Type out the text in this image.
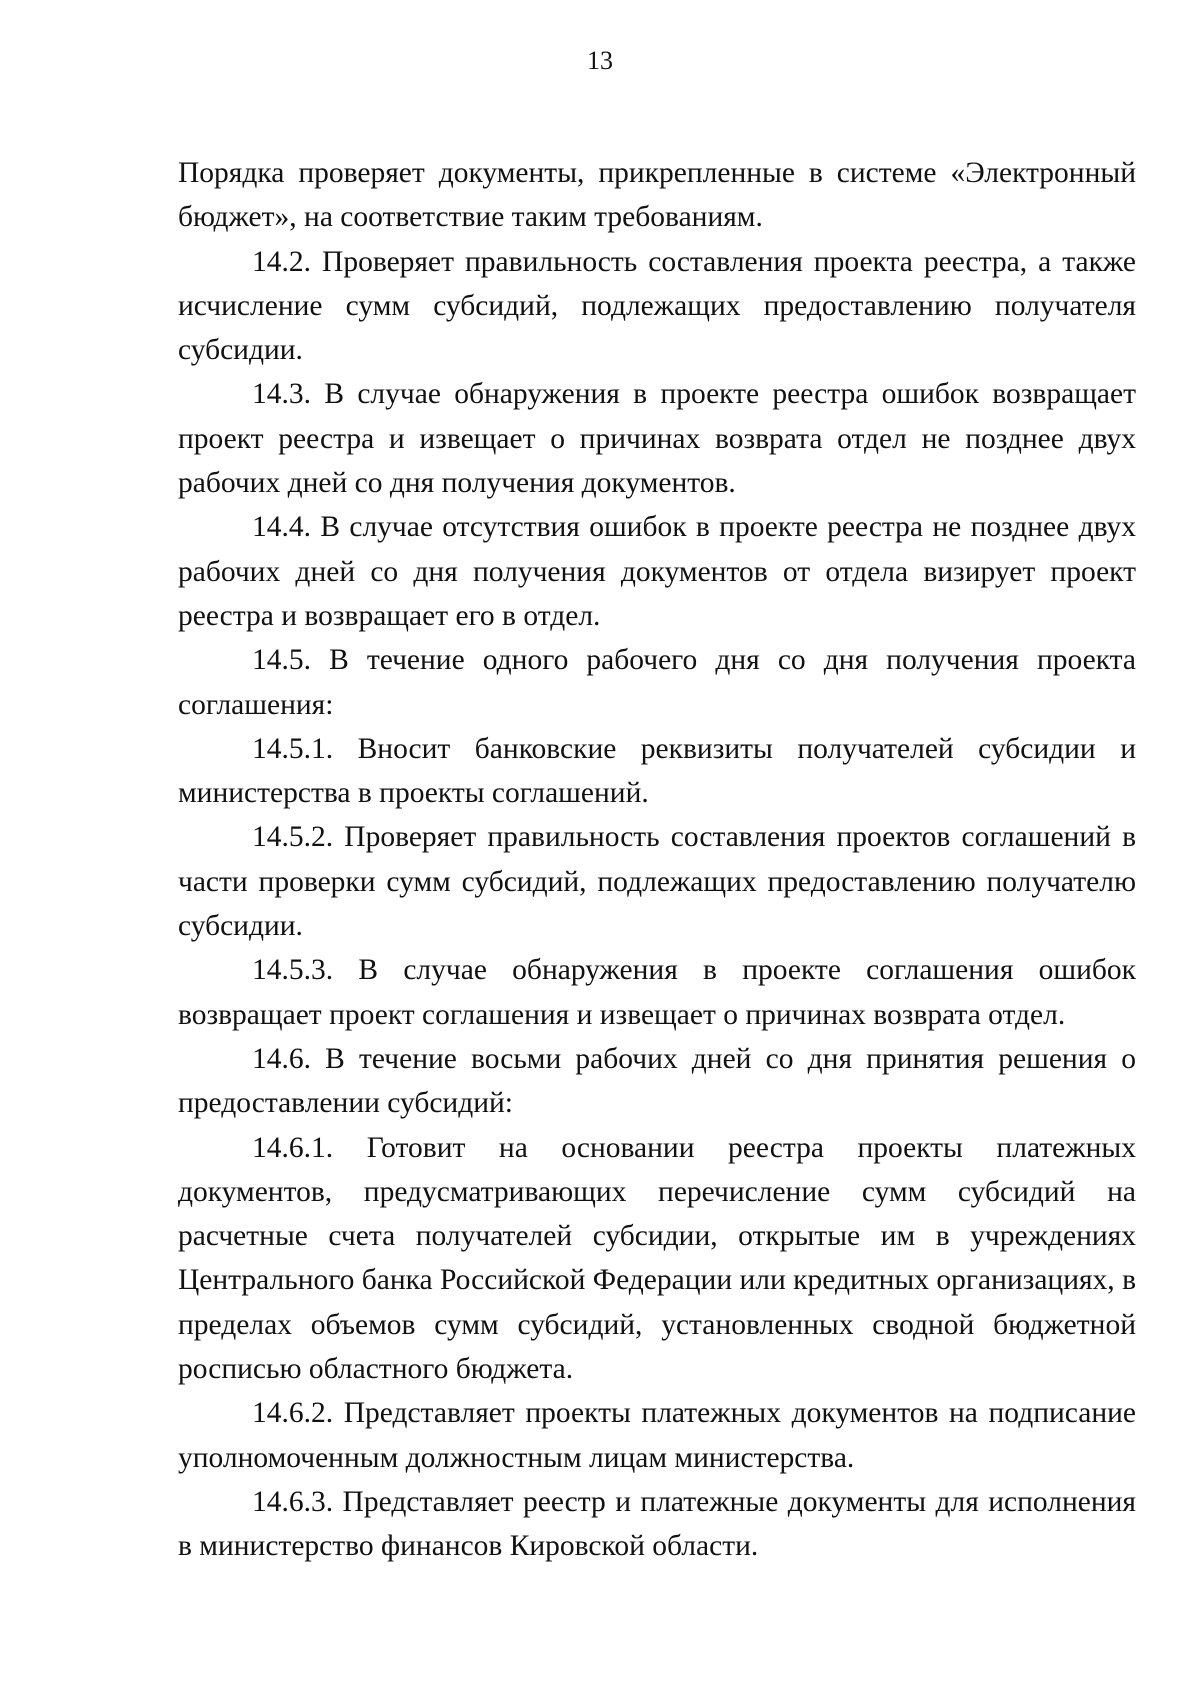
13

Порядка проверяет документы, прикрепленные в системе «Электронный бюджет», на соответствие таким требованиям.

14.2. Проверяет правильность составления проекта реестра, а также исчисление сумм субсидий, подлежащих предоставлению получателя субсидии.

14.3. В случае обнаружения в проекте реестра ошибок возвращает проект реестра и извещает о причинах возврата отдел не позднее двух рабочих дней со дня получения документов.

14.4. В случае отсутствия ошибок в проекте реестра не позднее двух рабочих дней со дня получения документов от отдела визирует проект реестра и возвращает его в отдел.

14.5. В течение одного рабочего дня со дня получения проекта соглашения:

14.5.1. Вносит банковские реквизиты получателей субсидии и министерства в проекты соглашений.

14.5.2. Проверяет правильность составления проектов соглашений в части проверки сумм субсидий, подлежащих предоставлению получателю субсидии.

14.5.3. В случае обнаружения в проекте соглашения ошибок возвращает проект соглашения и извещает о причинах возврата отдел.

14.6. В течение восьми рабочих дней со дня принятия решения о предоставлении субсидий:

14.6.1. Готовит на основании реестра проекты платежных документов, предусматривающих перечисление сумм субсидий на расчетные счета получателей субсидии, открытые им в учреждениях Центрального банка Российской Федерации или кредитных организациях, в пределах объемов сумм субсидий, установленных сводной бюджетной росписью областного бюджета.

14.6.2. Представляет проекты платежных документов на подписание уполномоченным должностным лицам министерства.

14.6.3. Представляет реестр и платежные документы для исполнения в министерство финансов Кировской области.
